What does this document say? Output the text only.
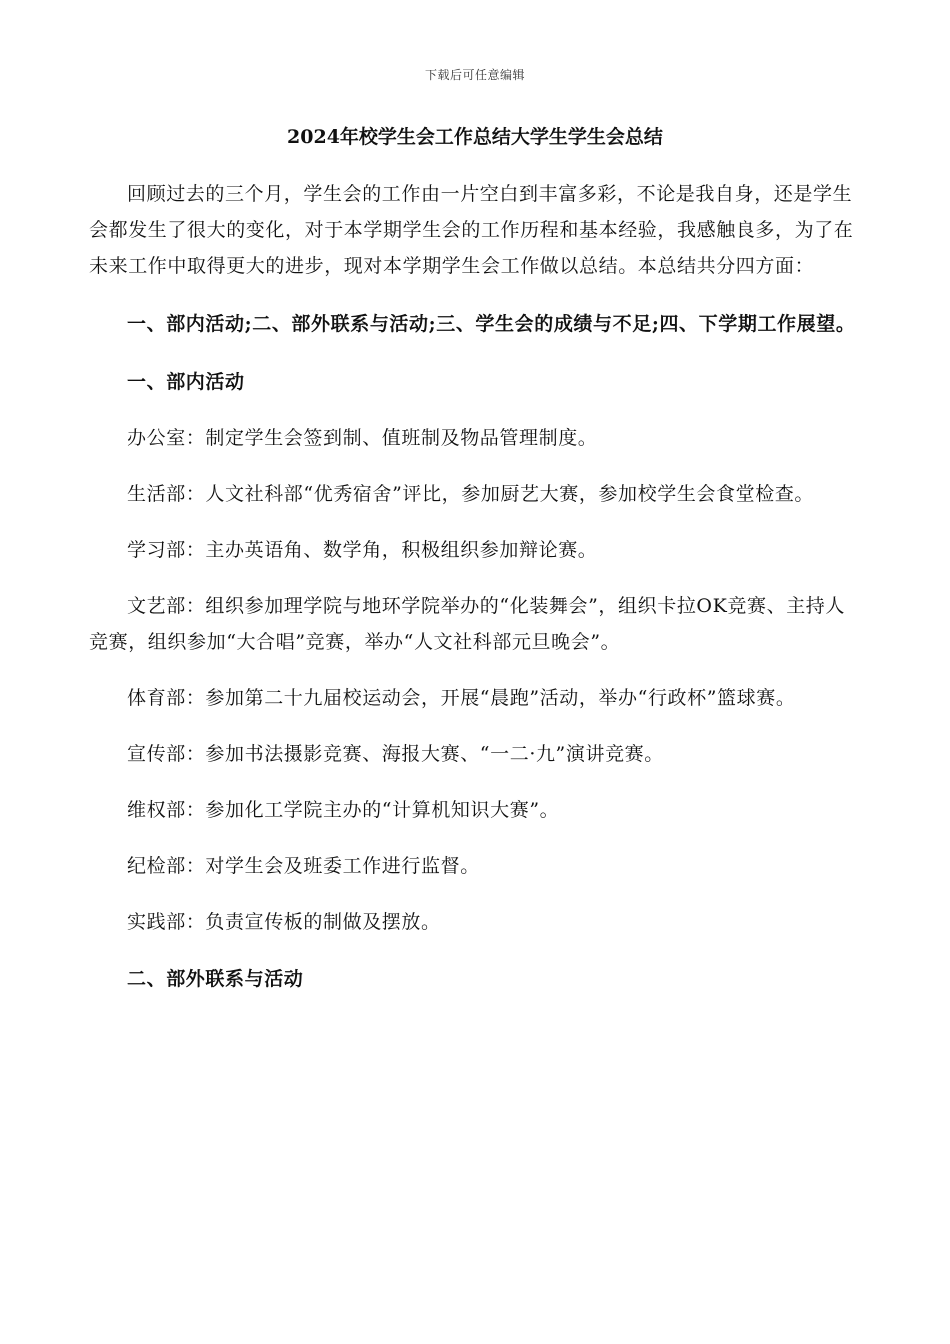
下载后可任意编辑
2024年校学生会工作总结大学生学生会总结

回顾过去的三个月，学生会的工作由一片空白到丰富多彩，不论是我自身，还是学生会都发生了很大的变化，对于本学期学生会的工作历程和基本经验，我感触良多，为了在未来工作中取得更大的进步，现对本学期学生会工作做以总结。本总结共分四方面：

一、部内活动;二、部外联系与活动;三、学生会的成绩与不足;四、下学期工作展望。

一、部内活动

办公室：制定学生会签到制、值班制及物品管理制度。

生活部：人文社科部“优秀宿舍”评比，参加厨艺大赛，参加校学生会食堂检查。

学习部：主办英语角、数学角，积极组织参加辩论赛。

文艺部：组织参加理学院与地环学院举办的“化装舞会”，组织卡拉OK竞赛、主持人竞赛，组织参加“大合唱”竞赛，举办“人文社科部元旦晚会”。

体育部：参加第二十九届校运动会，开展“晨跑”活动，举办“行政杯”篮球赛。

宣传部：参加书法摄影竞赛、海报大赛、“一二·九”演讲竞赛。

维权部：参加化工学院主办的“计算机知识大赛”。

纪检部：对学生会及班委工作进行监督。

实践部：负责宣传板的制做及摆放。

二、部外联系与活动
